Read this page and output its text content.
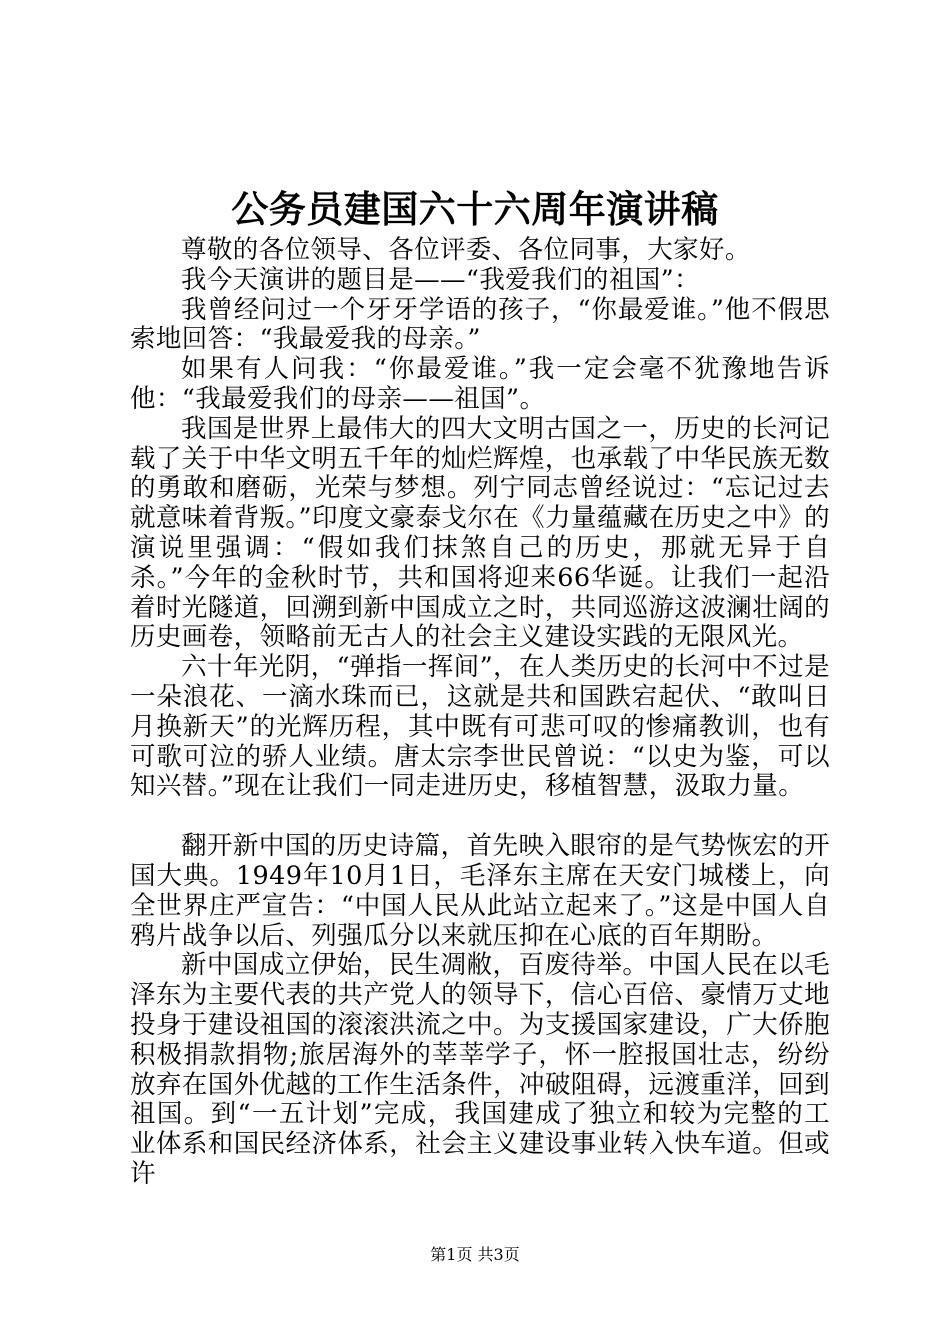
公务员建国六十六周年演讲稿

尊敬的各位领导、各位评委、各位同事，大家好。

我今天演讲的题目是——“我爱我们的祖国”：

我曾经问过一个牙牙学语的孩子，“你最爱谁。”他不假思索地回答：“我最爱我的母亲。”

如果有人问我：“你最爱谁。”我一定会毫不犹豫地告诉他：“我最爱我们的母亲——祖国”。

我国是世界上最伟大的四大文明古国之一，历史的长河记载了关于中华文明五千年的灿烂辉煌，也承载了中华民族无数的勇敢和磨砺，光荣与梦想。列宁同志曾经说过：“忘记过去就意味着背叛。”印度文豪泰戈尔在《力量蕴藏在历史之中》的演说里强调：“假如我们抹煞自己的历史，那就无异于自杀。”今年的金秋时节，共和国将迎来66华诞。让我们一起沿着时光隧道，回溯到新中国成立之时，共同巡游这波澜壮阔的历史画卷，领略前无古人的社会主义建设实践的无限风光。

六十年光阴，“弹指一挥间”，在人类历史的长河中不过是一朵浪花、一滴水珠而已，这就是共和国跌宕起伏、“敢叫日月换新天”的光辉历程，其中既有可悲可叹的惨痛教训，也有可歌可泣的骄人业绩。唐太宗李世民曾说：“以史为鉴，可以知兴替。”现在让我们一同走进历史，移植智慧，汲取力量。

翻开新中国的历史诗篇，首先映入眼帘的是气势恢宏的开国大典。1949年10月1日，毛泽东主席在天安门城楼上，向全世界庄严宣告：“中国人民从此站立起来了。”这是中国人自鸦片战争以后、列强瓜分以来就压抑在心底的百年期盼。

新中国成立伊始，民生凋敝，百废待举。中国人民在以毛泽东为主要代表的共产党人的领导下，信心百倍、豪情万丈地投身于建设祖国的滚滚洪流之中。为支援国家建设，广大侨胞积极捐款捐物;旅居海外的莘莘学子，怀一腔报国壮志，纷纷放弃在国外优越的工作生活条件，冲破阻碍，远渡重洋，回到祖国。到“一五计划”完成，我国建成了独立和较为完整的工业体系和国民经济体系，社会主义建设事业转入快车道。但或许

第1页 共3页
